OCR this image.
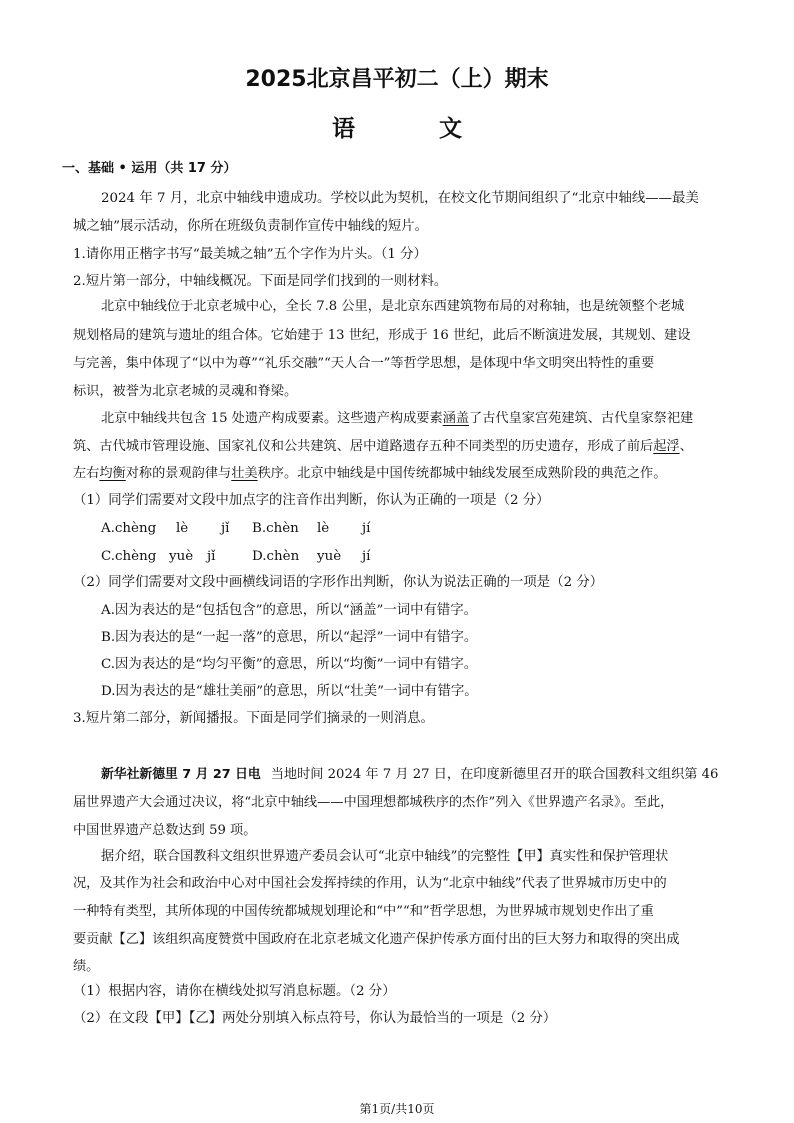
2025北京昌平初二（上）期末
语 文
一、基础 • 运用（共 17 分）
2024 年 7 月，北京中轴线申遗成功。学校以此为契机，在校文化节期间组织了“北京中轴线——最美
城之轴”展示活动，你所在班级负责制作宣传中轴线的短片。
1.请你用正楷字书写“最美城之轴”五个字作为片头。（1 分）
2.短片第一部分，中轴线概况。下面是同学们找到的一则材料。
北京中轴线位于北京老城中心，全长 7.8 公里，是北京东西建筑物布局的对称轴，也是统领整个老城
规划格局的建筑与遗址的组合体。它始建于 13 世纪，形成于 16 世纪，此后不断演进发展，其规划、建设
与完善，集中体现了“以中为尊”“礼乐交融”“天人合一”等哲学思想，是体现中华文明突出特性的重要
标识，被誉为北京老城的灵魂和脊梁。
北京中轴线共包含 15 处遗产构成要素。这些遗产构成要素涵盖了古代皇家宫苑建筑、古代皇家祭祀建
筑、古代城市管理设施、国家礼仪和公共建筑、居中道路遗存五种不同类型的历史遗存，形成了前后起浮、
左右均衡对称的景观韵律与壮美秩序。北京中轴线是中国传统都城中轴线发展至成熟阶段的典范之作。
（1）同学们需要对文段中加点字的注音作出判断，你认为正确的一项是（2 分）
A.chèng lè jǐ	B.chèn lè jí
C.chèng yuè jǐ	D.chèn yuè jí
（2）同学们需要对文段中画横线词语的字形作出判断，你认为说法正确的一项是（2 分）
A.因为表达的是“包括包含”的意思，所以“涵盖”一词中有错字。
B.因为表达的是“一起一落”的意思，所以“起浮”一词中有错字。
C.因为表达的是“均匀平衡”的意思，所以“均衡”一词中有错字。
D.因为表达的是“雄壮美丽”的意思，所以“壮美”一词中有错字。
3.短片第二部分，新闻播报。下面是同学们摘录的一则消息。
新华社新德里 7 月 27 日电 当地时间 2024 年 7 月 27 日，在印度新德里召开的联合国教科文组织第 46
届世界遗产大会通过决议，将“北京中轴线——中国理想都城秩序的杰作”列入《世界遗产名录》。至此，
中国世界遗产总数达到 59 项。
据介绍，联合国教科文组织世界遗产委员会认可“北京中轴线”的完整性【甲】真实性和保护管理状
况，及其作为社会和政治中心对中国社会发挥持续的作用，认为“北京中轴线”代表了世界城市历史中的
一种特有类型，其所体现的中国传统都城规划理论和“中”“和”哲学思想，为世界城市规划史作出了重
要贡献【乙】该组织高度赞赏中国政府在北京老城文化遗产保护传承方面付出的巨大努力和取得的突出成
绩。
（1）根据内容，请你在横线处拟写消息标题。（2 分）
（2）在文段【甲】【乙】两处分别填入标点符号，你认为最恰当的一项是（2 分）
第1页/共10页
